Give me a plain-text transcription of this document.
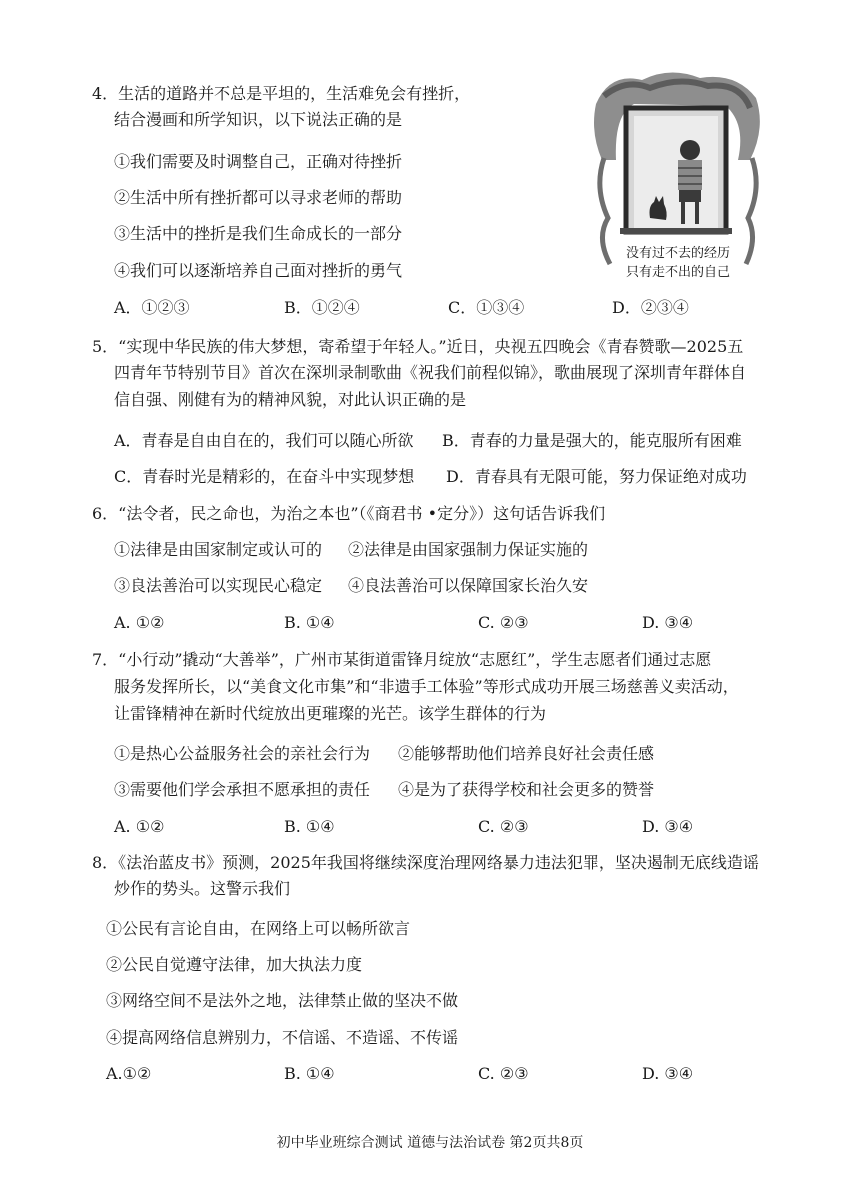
4．生活的道路并不总是平坦的，生活难免会有挫折，
结合漫画和所学知识，以下说法正确的是
①我们需要及时调整自己，正确对待挫折
②生活中所有挫折都可以寻求老师的帮助
③生活中的挫折是我们生命成长的一部分
④我们可以逐渐培养自己面对挫折的勇气
A．①②③	B．①②④	C．①③④	D．②③④
没有过不去的经历
只有走不出的自己
5．“实现中华民族的伟大梦想，寄希望于年轻人。”近日，央视五四晚会《青春赞歌—2025五
四青年节特别节目》首次在深圳录制歌曲《祝我们前程似锦》，歌曲展现了深圳青年群体自
信自强、刚健有为的精神风貌，对此认识正确的是
A．青春是自由自在的，我们可以随心所欲 B．青春的力量是强大的，能克服所有困难
C．青春时光是精彩的，在奋斗中实现梦想 D．青春具有无限可能，努力保证绝对成功
6．“法令者，民之命也，为治之本也”（《商君书 •定分》）这句话告诉我们
①法律是由国家制定或认可的 ②法律是由国家强制力保证实施的
③良法善治可以实现民心稳定 ④良法善治可以保障国家长治久安
A. ①②	B. ①④	C. ②③	D. ③④
7．“小行动”撬动“大善举”，广州市某街道雷锋月绽放“志愿红”，学生志愿者们通过志愿
服务发挥所长，以“美食文化市集”和“非遗手工体验”等形式成功开展三场慈善义卖活动，
让雷锋精神在新时代绽放出更璀璨的光芒。该学生群体的行为
①是热心公益服务社会的亲社会行为 ②能够帮助他们培养良好社会责任感
③需要他们学会承担不愿承担的责任 ④是为了获得学校和社会更多的赞誉
A. ①②	B. ①④	C. ②③	D. ③④
8．《法治蓝皮书》预测，2025年我国将继续深度治理网络暴力违法犯罪，坚决遏制无底线造谣
炒作的势头。这警示我们
①公民有言论自由，在网络上可以畅所欲言
②公民自觉遵守法律，加大执法力度
③网络空间不是法外之地，法律禁止做的坚决不做
④提高网络信息辨别力，不信谣、不造谣、不传谣
A.①②	B. ①④	C. ②③	D. ③④
初中毕业班综合测试 道德与法治试卷 第2页共8页
